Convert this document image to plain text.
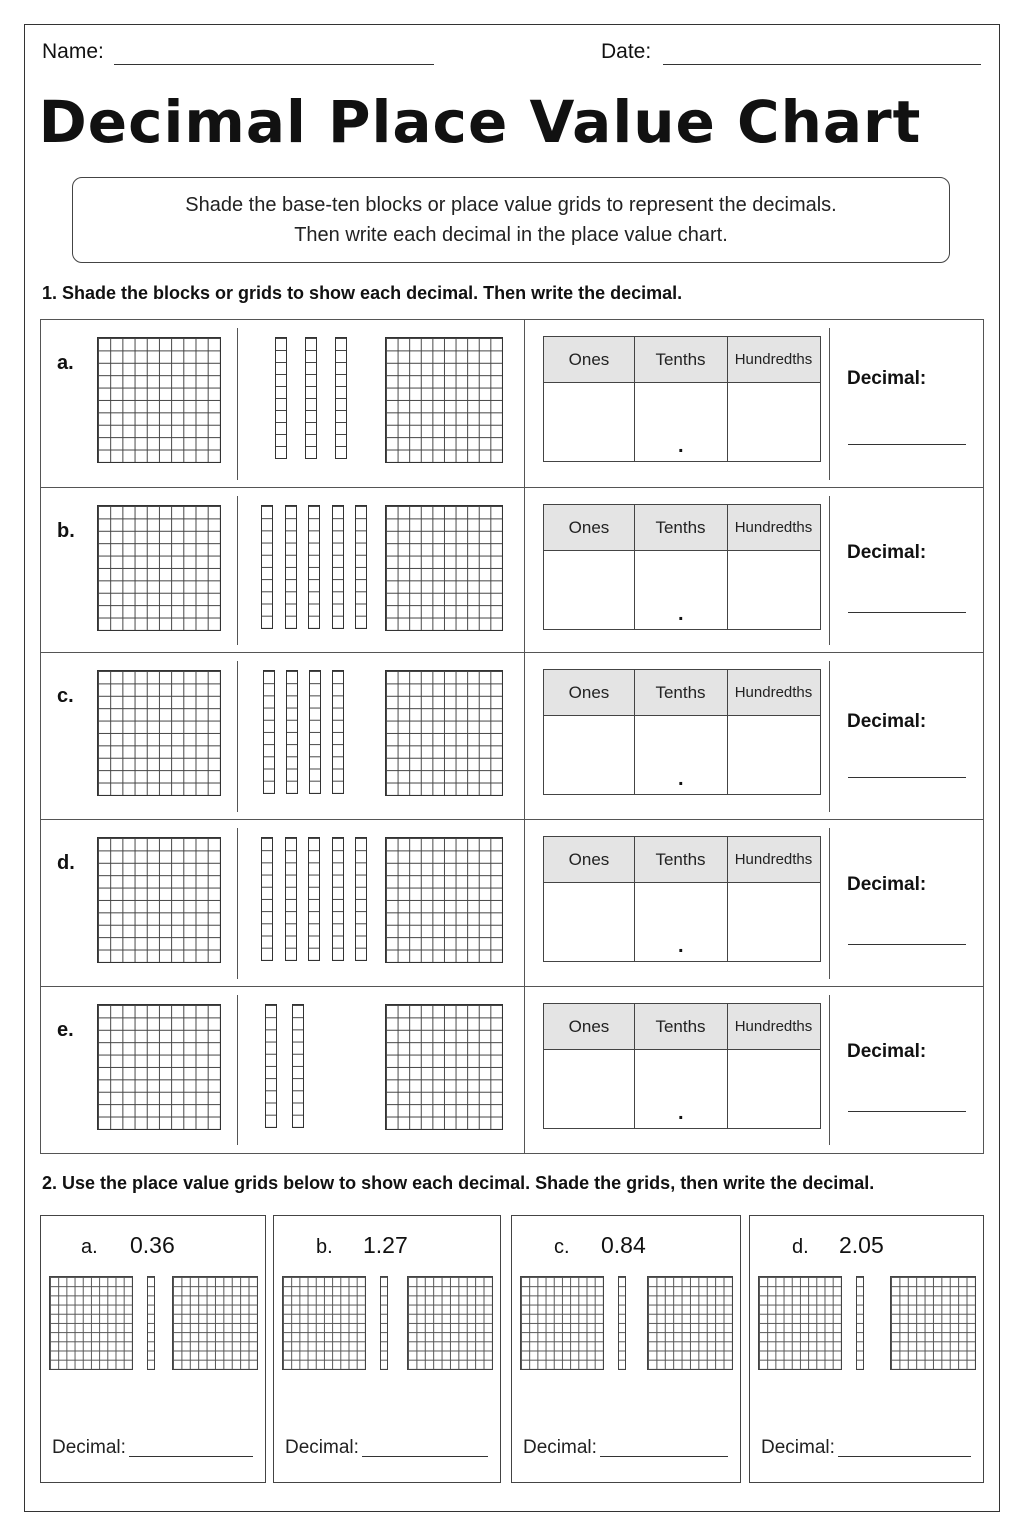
Name:	Date:
Decimal Place Value Chart
Shade the base-ten blocks or place value grids to represent the decimals.
Then write each decimal in the place value chart.
1. Shade the blocks or grids to show each decimal. Then write the decimal.
a.	Ones	Tenths	Hundredths
.
Decimal:
b.	Ones	Tenths	Hundredths
.
Decimal:
c.	Ones	Tenths	Hundredths
.
Decimal:
d.	Ones	Tenths	Hundredths
.
Decimal:
e.	Ones	Tenths	Hundredths
.
Decimal:
2. Use the place value grids below to show each decimal. Shade the grids, then write the decimal.
a. 0.36
Decimal:
b. 1.27
Decimal:
c. 0.84
Decimal:
d. 2.05
Decimal:
